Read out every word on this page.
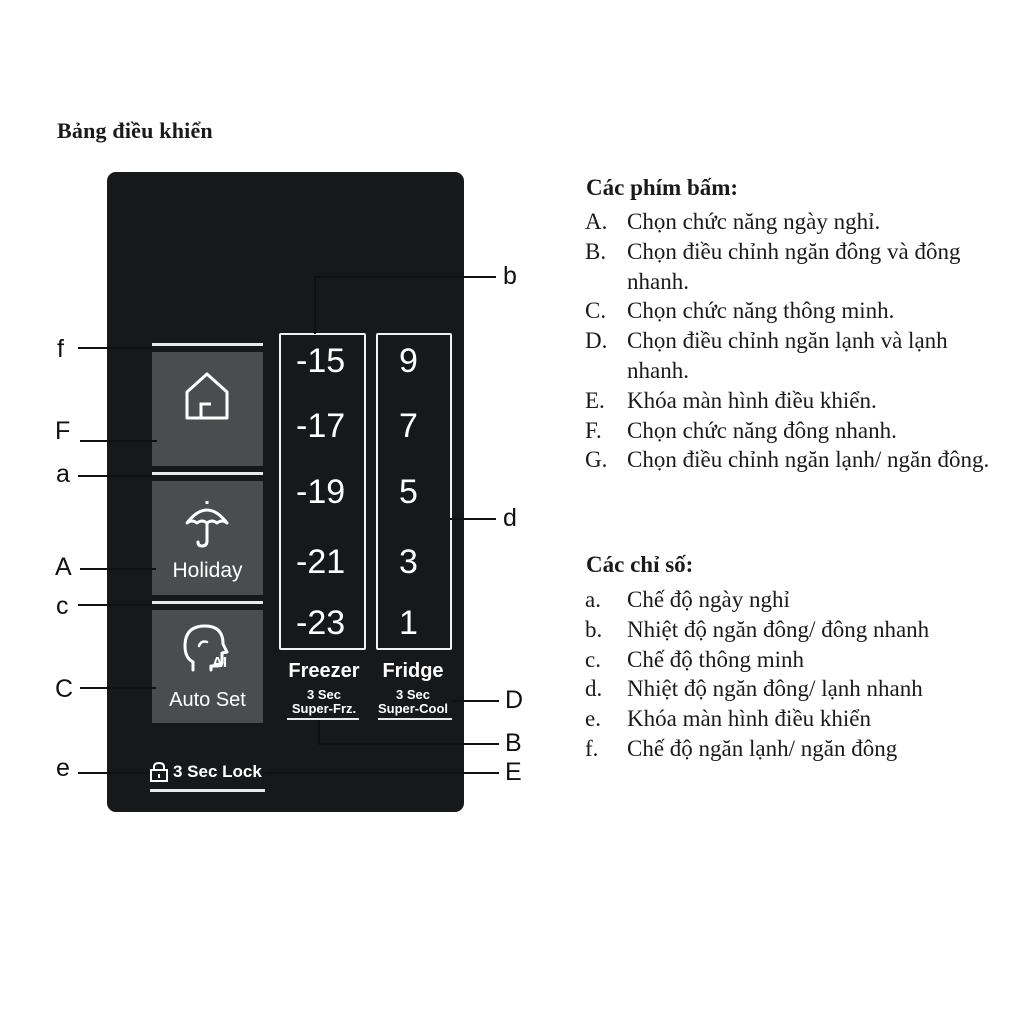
Bảng điều khiển
Holiday
AI
Auto Set
-15
-17
-19
-21
-23
Freezer
3 Sec
Super-Frz.
9
7
5
3
1
Fridge
3 Sec
Super-Cool
3 Sec Lock
f
F
a
A
c
C
e
b
d
D
B
E
Các phím bấm:
A. Chọn chức năng ngày nghỉ.
B. Chọn điều chỉnh ngăn đông và đông nhanh.
C. Chọn chức năng thông minh.
D. Chọn điều chỉnh ngăn lạnh và lạnh nhanh.
E. Khóa màn hình điều khiển.
F.	Chọn chức năng đông nhanh.
G. Chọn điều chỉnh ngăn lạnh/ ngăn đông.
Các chỉ số:
a.	Chế độ ngày nghỉ
b.	Nhiệt độ ngăn đông/ đông nhanh
c.	Chế độ thông minh
d.	Nhiệt độ ngăn đông/ lạnh nhanh
e.	Khóa màn hình điều khiển
f.	Chế độ ngăn lạnh/ ngăn đông
